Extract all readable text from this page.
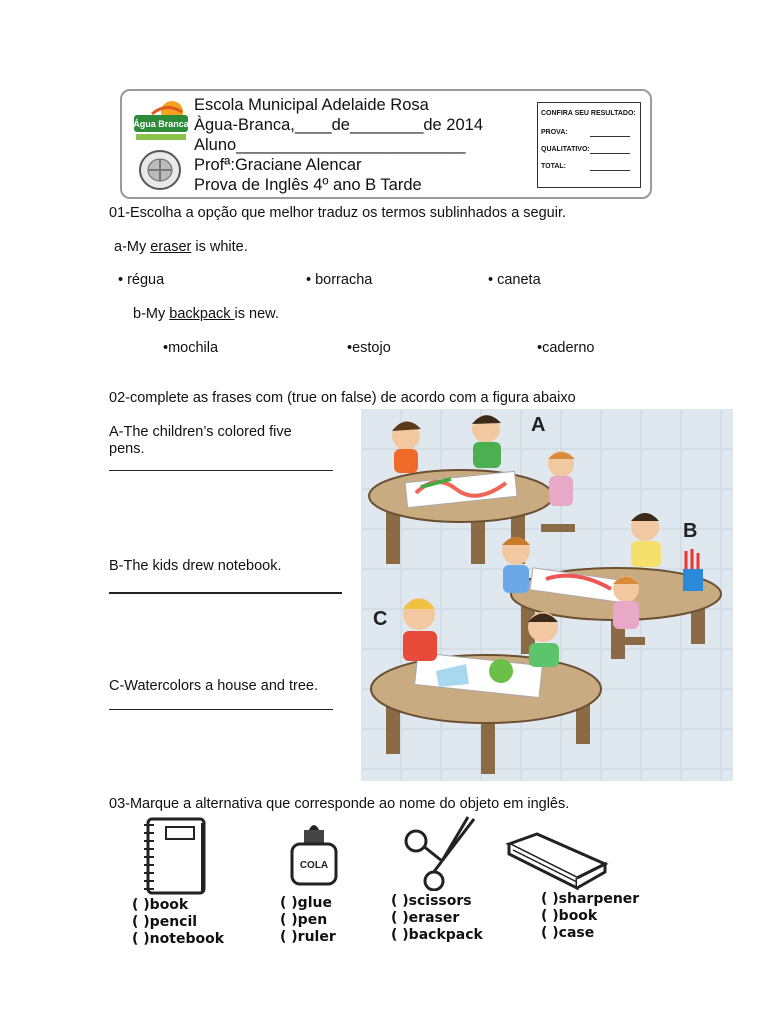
Água Branca
Escola Municipal Adelaide Rosa
Àgua-Branca,____de________de 2014
Aluno_________________________
Profª:Graciane Alencar
Prova de Inglês 4º ano B Tarde
CONFIRA SEU RESULTADO:
PROVA:
QUALITATIVO:
TOTAL:
01-Escolha a opção que melhor traduz os termos sublinhados a seguir.
a-My eraser is white.
• régua	• borracha	• caneta
b-My backpack is new.
•mochila	•estojo	•caderno
02-complete as frases com (true on false) de acordo com a figura abaixo
A-The children’s colored five
pens.
B-The kids drew notebook.
C-Watercolors a house and tree.
A
B
C
03-Marque a alternativa que corresponde ao nome do objeto em inglês.
COLA
( )book
( )pencil
( )notebook
( )glue
( )pen
( )ruler
( )scissors
( )eraser
( )backpack
( )sharpener
( )book
( )case
